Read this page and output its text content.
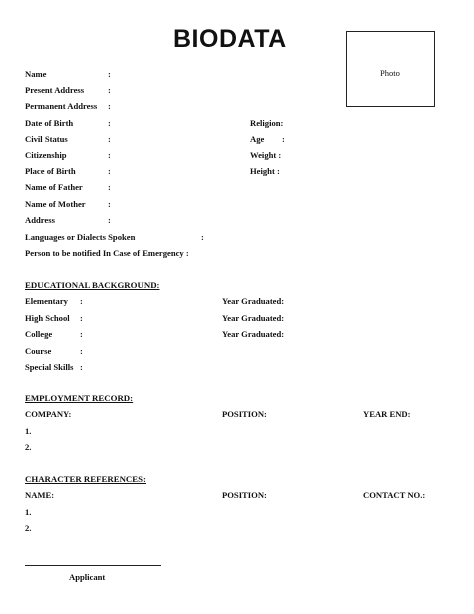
BIODATA
Photo
Name	:
Present Address	:
Permanent Address :
Date of Birth	:
Civil Status	:
Citizenship	:
Place of Birth	:
Name of Father	:
Name of Mother	:
Address	:
Languages or Dialects Spoken	:
Person to be notified In Case of Emergency :
Religion:
Age :
Weight :
Height :
EDUCATIONAL BACKGROUND:
Elementary :	Year Graduated:
High School :	Year Graduated:
College	:	Year Graduated:
Course	:
Special Skills :
EMPLOYMENT RECORD:
COMPANY:	POSITION:	YEAR END:
1.
2.
CHARACTER REFERENCES:
NAME:	POSITION:	CONTACT NO.:
1.
2.
Applicant
